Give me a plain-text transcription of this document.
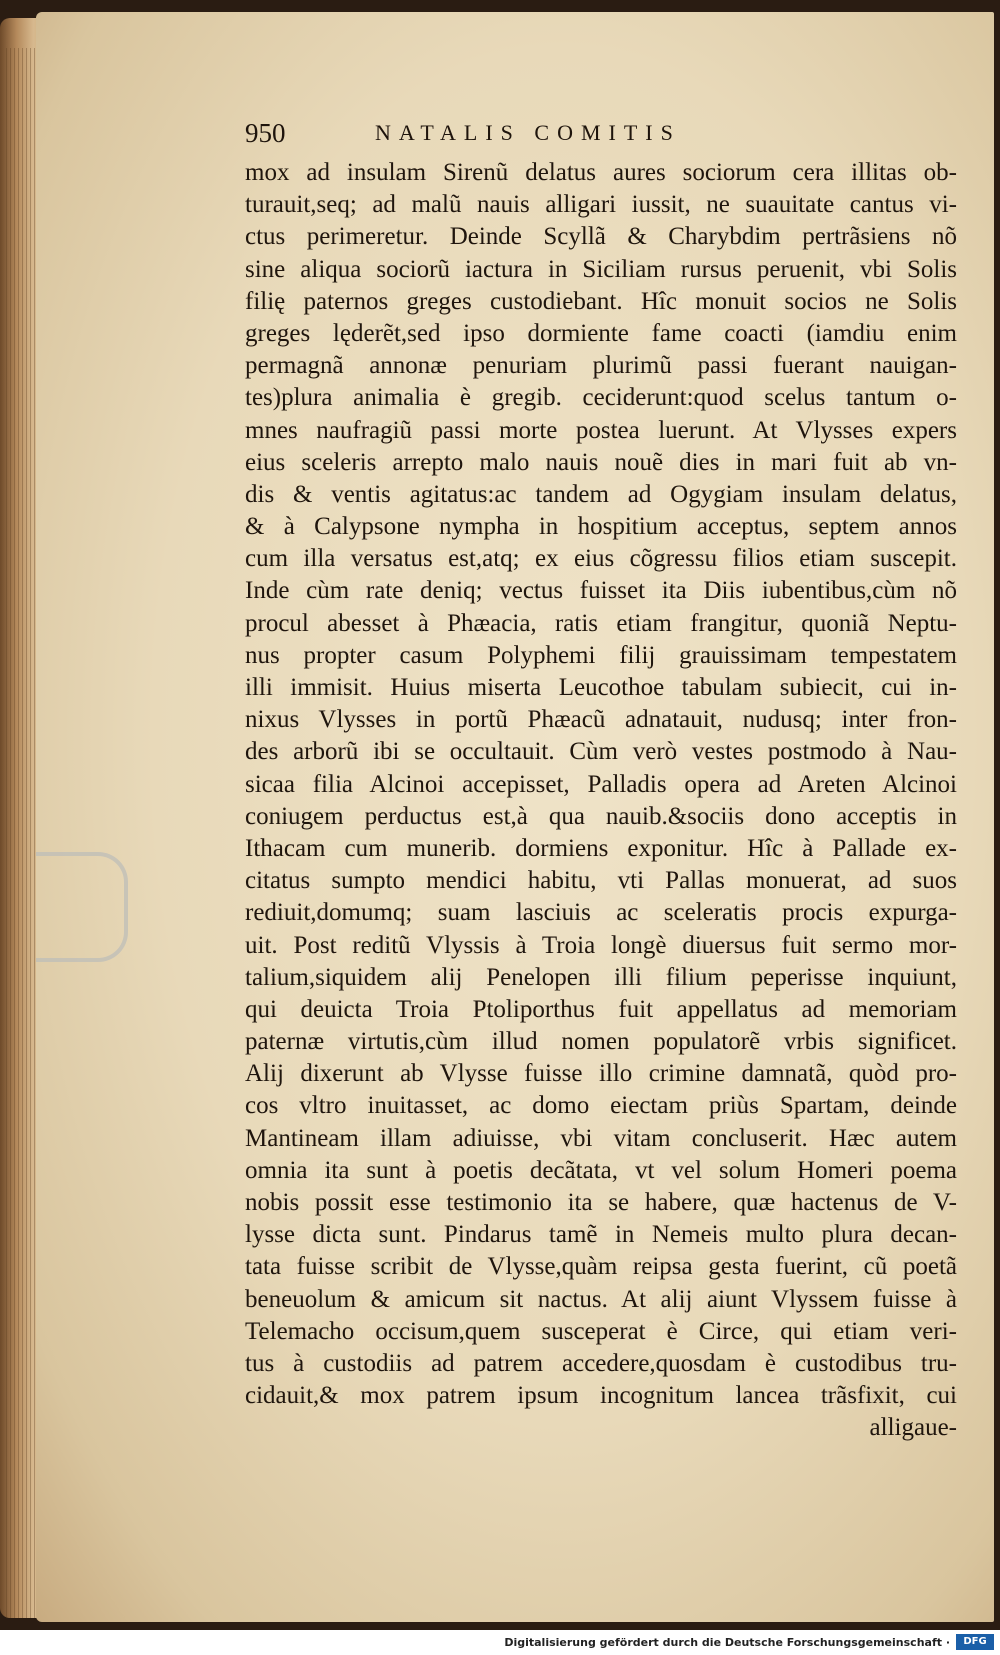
950	NATALIS COMITIS
mox ad insulam Sirenũ delatus aures sociorum cera illitas ob-
turauit,seq; ad malũ nauis alligari iussit, ne suauitate cantus vi-
ctus perimeretur. Deinde Scyllã & Charybdim pertrãsiens nõ
sine aliqua sociorũ iactura in Siciliam rursus peruenit, vbi Solis
filię paternos greges custodiebant. Hîc monuit socios ne Solis
greges lęderẽt,sed ipso dormiente fame coacti (iamdiu enim
permagnã annonæ penuriam plurimũ passi fuerant nauigan-
tes)plura animalia è gregib. ceciderunt:quod scelus tantum o-
mnes naufragiũ passi morte postea luerunt. At Vlysses expers
eius sceleris arrepto malo nauis nouẽ dies in mari fuit ab vn-
dis & ventis agitatus:ac tandem ad Ogygiam insulam delatus,
& à Calypsone nympha in hospitium acceptus, septem annos
cum illa versatus est,atq; ex eius cõgressu filios etiam suscepit.
Inde cùm rate deniq; vectus fuisset ita Diis iubentibus,cùm nõ
procul abesset à Phæacia, ratis etiam frangitur, quoniã Neptu-
nus propter casum Polyphemi filij grauissimam tempestatem
illi immisit. Huius miserta Leucothoe tabulam subiecit, cui in-
nixus Vlysses in portũ Phæacũ adnatauit, nudusq; inter fron-
des arborũ ibi se occultauit. Cùm verò vestes postmodo à Nau-
sicaa filia Alcinoi accepisset, Palladis opera ad Areten Alcinoi
coniugem perductus est,à qua nauib.&sociis dono acceptis in
Ithacam cum munerib. dormiens exponitur. Hîc à Pallade ex-
citatus sumpto mendici habitu, vti Pallas monuerat, ad suos
rediuit,domumq; suam lasciuis ac sceleratis procis expurga-
uit. Post reditũ Vlyssis à Troia longè diuersus fuit sermo mor-
talium,siquidem alij Penelopen illi filium peperisse inquiunt,
qui deuicta Troia Ptoliporthus fuit appellatus ad memoriam
paternæ virtutis,cùm illud nomen populatorẽ vrbis significet.
Alij dixerunt ab Vlysse fuisse illo crimine damnatã, quòd pro-
cos vltro inuitasset, ac domo eiectam priùs Spartam, deinde
Mantineam illam adiuisse, vbi vitam concluserit. Hæc autem
omnia ita sunt à poetis decãtata, vt vel solum Homeri poema
nobis possit esse testimonio ita se habere, quæ hactenus de V-
lysse dicta sunt. Pindarus tamẽ in Nemeis multo plura decan-
tata fuisse scribit de Vlysse,quàm reipsa gesta fuerint, cũ poetã
beneuolum & amicum sit nactus. At alij aiunt Vlyssem fuisse à
Telemacho occisum,quem susceperat è Circe, qui etiam veri-
tus à custodiis ad patrem accedere,quosdam è custodibus tru-
cidauit,& mox patrem ipsum incognitum lancea trãsfixit, cui
alligaue-
Digitalisierung gefördert durch die Deutsche Forschungsgemeinschaft ·	DFG
